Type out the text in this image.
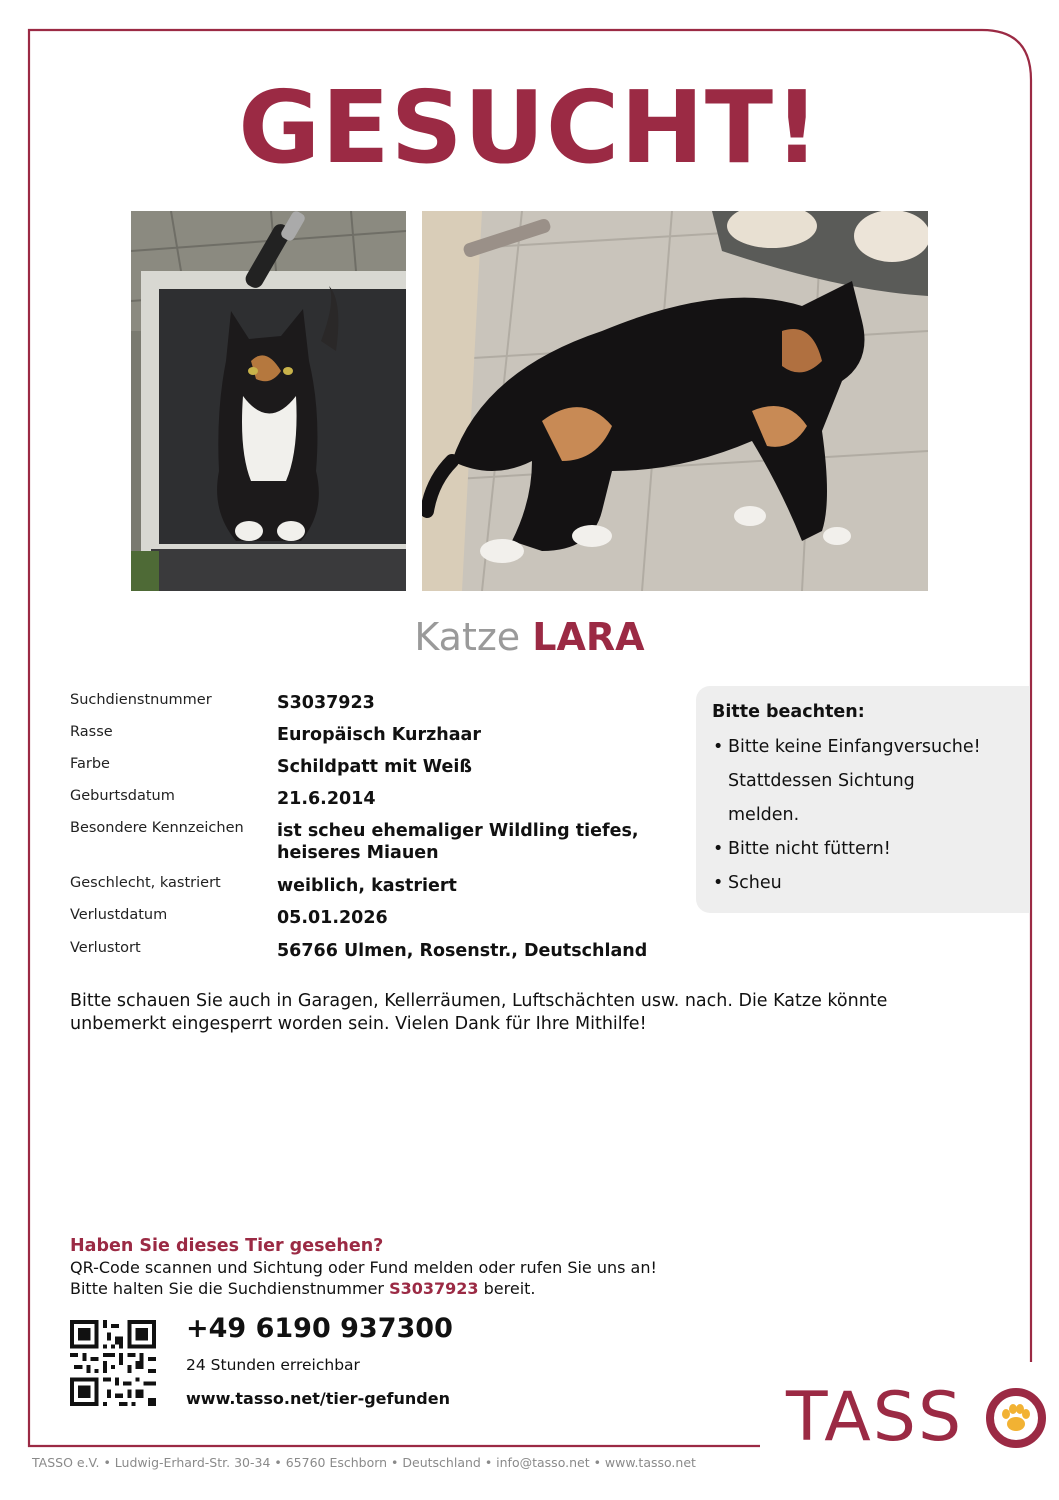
GESUCHT!
Katze LARA
Suchdienstnummer	S3037923
Rasse	Europäisch Kurzhaar
Farbe	Schildpatt mit Weiß
Geburtsdatum	21.6.2014
Besondere Kennzeichen	ist scheu ehemaliger Wildling tiefes, heiseres Miauen
Geschlecht, kastriert	weiblich, kastriert
Verlustdatum	05.01.2026
Verlustort	56766 Ulmen, Rosenstr., Deutschland
Bitte beachten:
• Bitte keine Einfangversuche!
Stattdessen Sichtung
melden.
• Bitte nicht füttern!
• Scheu
Bitte schauen Sie auch in Garagen, Kellerräumen, Luftschächten usw. nach. Die Katze könnte unbemerkt eingesperrt worden sein. Vielen Dank für Ihre Mithilfe!
Haben Sie dieses Tier gesehen?
QR-Code scannen und Sichtung oder Fund melden oder rufen Sie uns an!
Bitte halten Sie die Suchdienstnummer S3037923 bereit.
+49 6190 937300
24 Stunden erreichbar
www.tasso.net/tier-gefunden	TASS
TASSO e.V. • Ludwig-Erhard-Str. 30-34 • 65760 Eschborn • Deutschland • info@tasso.net • www.tasso.net
